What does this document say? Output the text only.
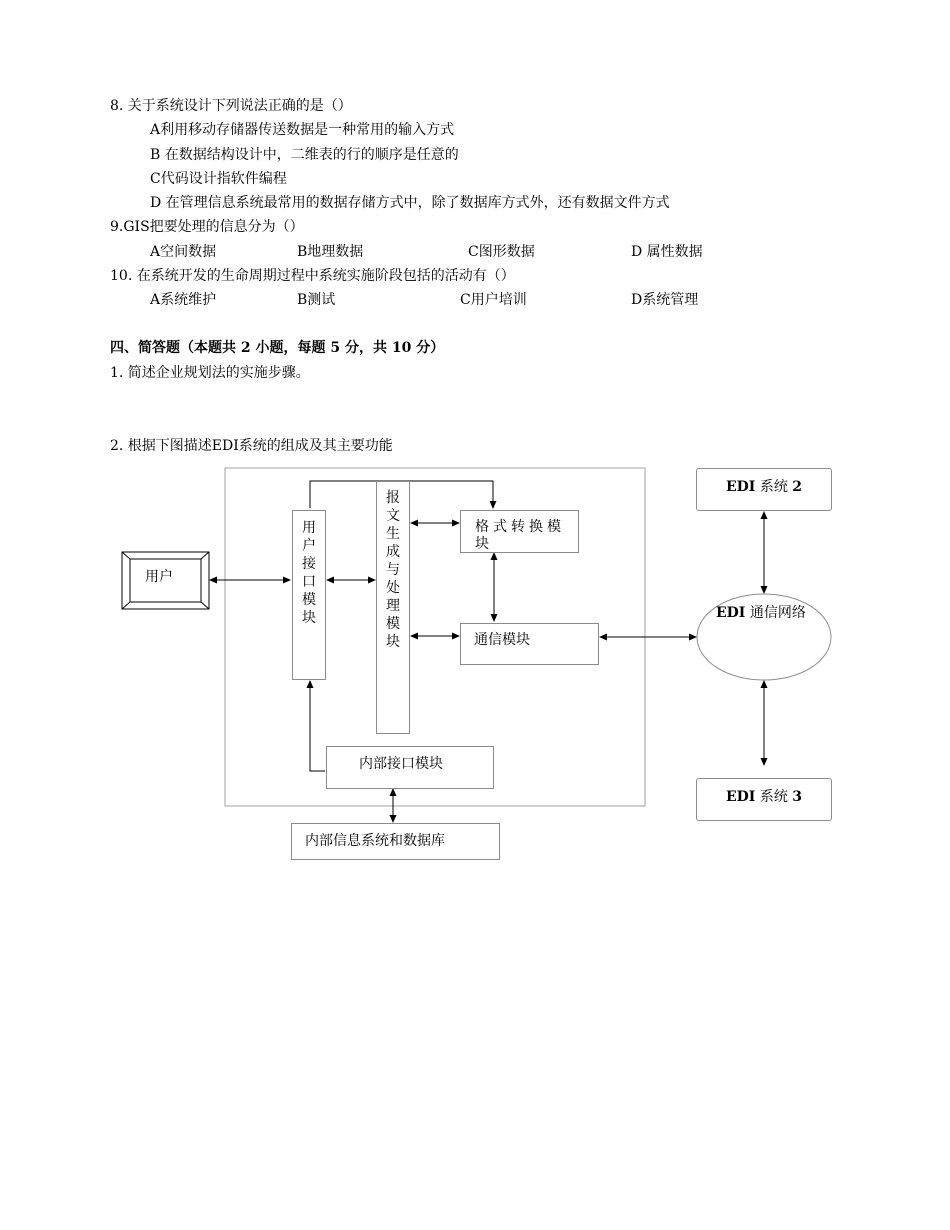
8. 关于系统设计下列说法正确的是（）
A利用移动存储器传送数据是一种常用的输入方式
B 在数据结构设计中，二维表的行的顺序是任意的
C代码设计指软件编程
D 在管理信息系统最常用的数据存储方式中，除了数据库方式外，还有数据文件方式
9.GIS把要处理的信息分为（）
A空间数据	B地理数据	C图形数据	D 属性数据
10. 在系统开发的生命周期过程中系统实施阶段包括的活动有（）
A系统维护	B测试	C用户培训	D系统管理
四、简答题（本题共 2 小题，每题 5 分，共 10 分）
1. 简述企业规划法的实施步骤。
2. 根据下图描述EDI系统的组成及其主要功能
用户
用户接口模块
报文生成与处理模块
格式转换模块
通信模块
内部接口模块
内部信息系统和数据库
EDI 系统 2
EDI 通信网络
EDI 系统 3
